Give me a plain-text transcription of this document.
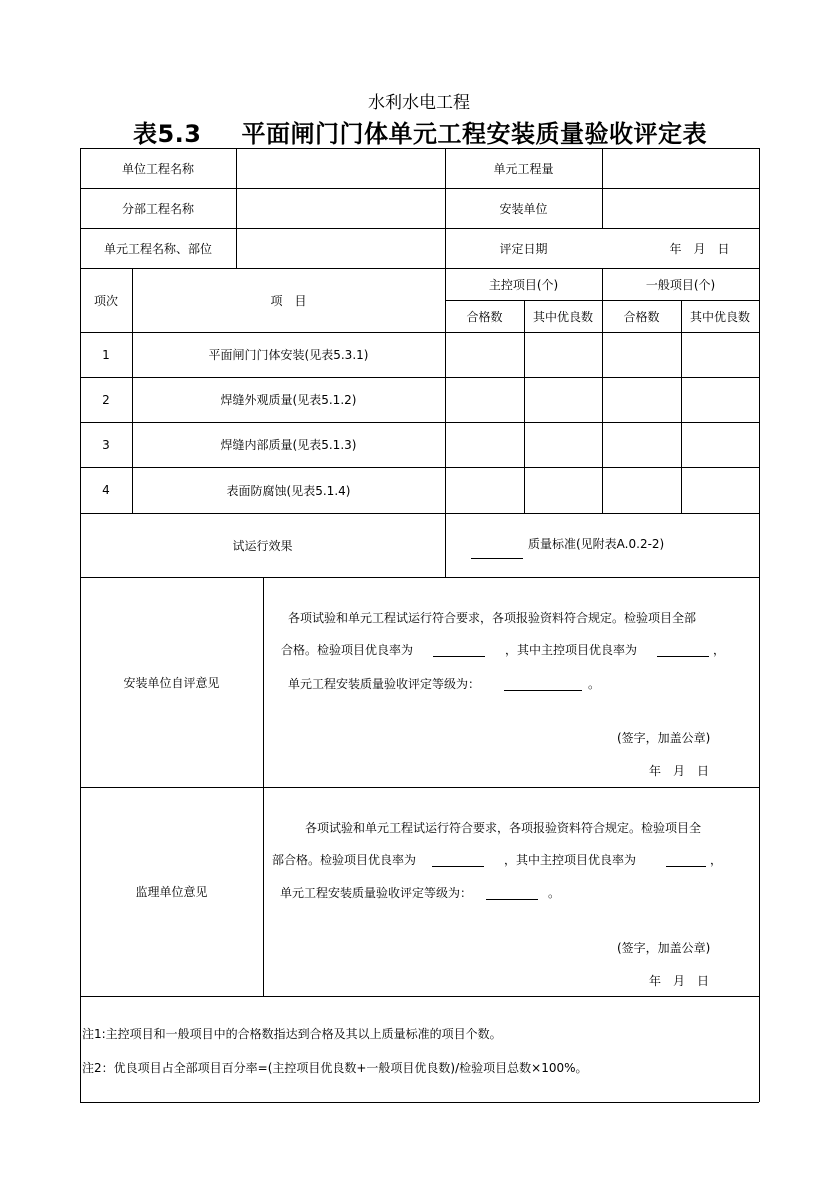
水利水电工程
表5.3 平面闸门门体单元工程安装质量验收评定表
单位工程名称	单元工程量
分部工程名称	安装单位
单元工程名称、部位	评定日期	年　月　日
项次	项　目
主控项目(个)	一般项目(个)
合格数	其中优良数	合格数	其中优良数
1	平面闸门门体安装(见表5.3.1)
2	焊缝外观质量(见表5.1.2)
3	焊缝内部质量(见表5.1.3)
4	表面防腐蚀(见表5.1.4)
试运行效果	质量标准(见附表A.0.2-2)
安装单位自评意见
各项试验和单元工程试运行符合要求，各项报验资料符合规定。检验项目全部
合格。检验项目优良率为	，其中主控项目优良率为	，
单元工程安装质量验收评定等级为：	。
(签字，加盖公章)
年　月　日
监理单位意见
各项试验和单元工程试运行符合要求，各项报验资料符合规定。检验项目全
部合格。检验项目优良率为	，其中主控项目优良率为	，
单元工程安装质量验收评定等级为：	。
(签字，加盖公章)
年　月　日
注1:主控项目和一般项目中的合格数指达到合格及其以上质量标准的项目个数。
注2：优良项目占全部项目百分率=(主控项目优良数+一般项目优良数)/检验项目总数×100%。
